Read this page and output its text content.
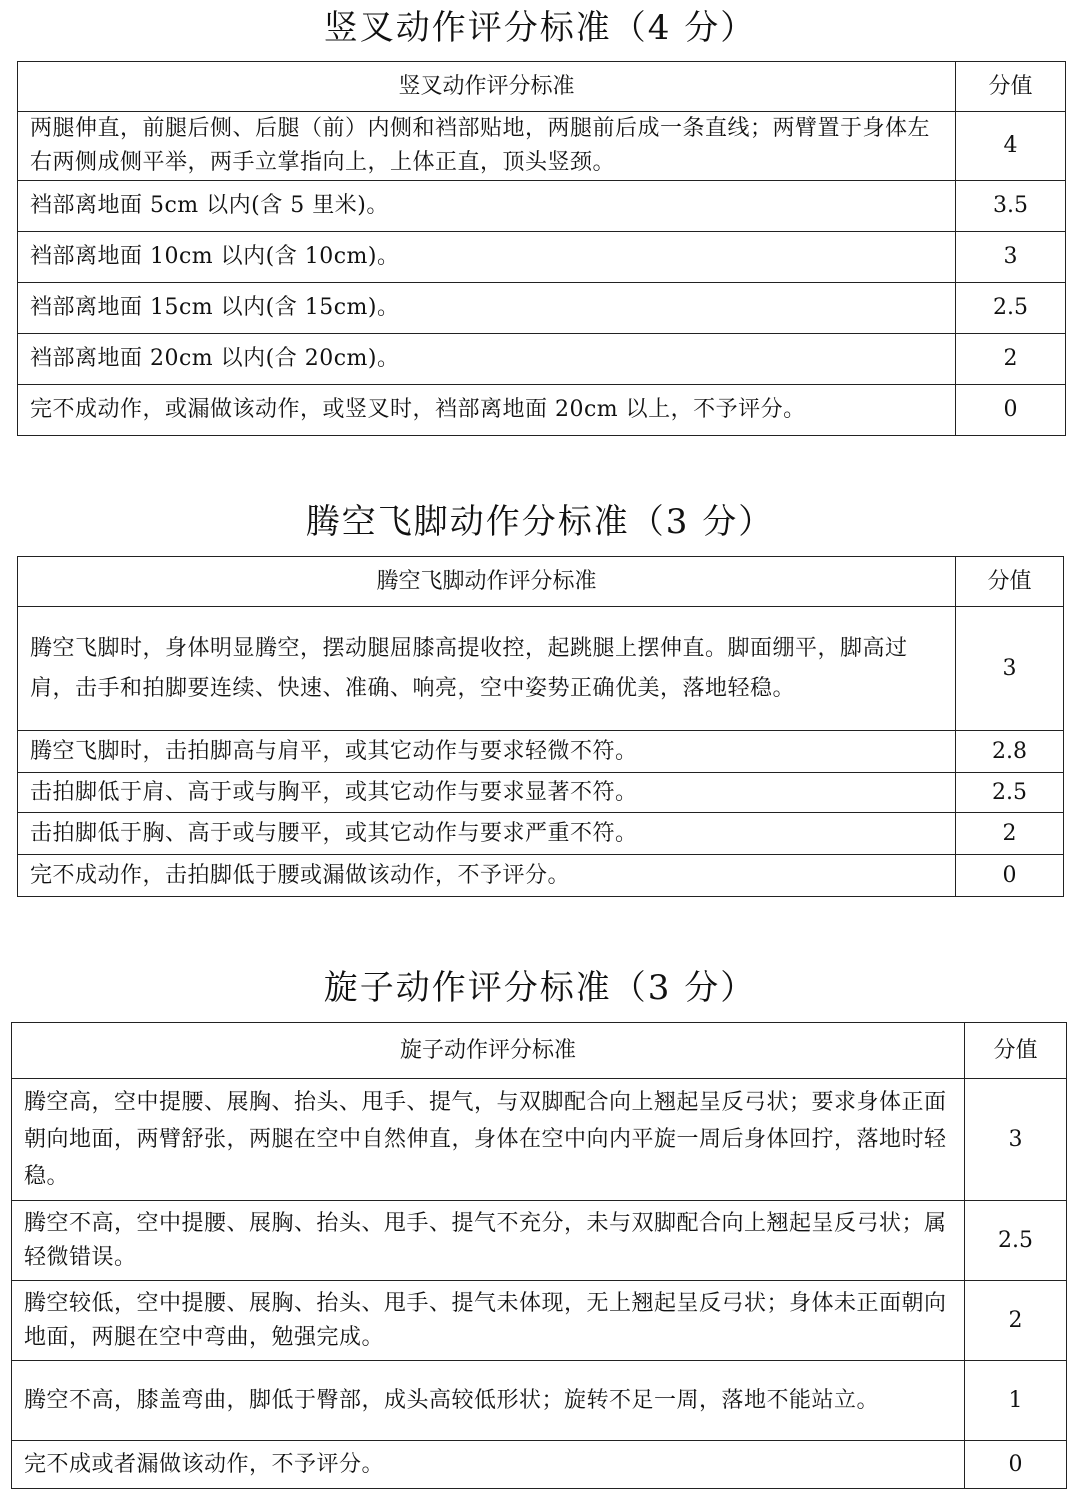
竖叉动作评分标准（4 分）
竖叉动作评分标准	分值
两腿伸直，前腿后侧、后腿（前）内侧和裆部贴地，两腿前后成一条直线；两臂置于身体左右两侧成侧平举，两手立掌指向上，上体正直，顶头竖颈。	4
裆部离地面 5cm 以内(含 5 里米)。	3.5
裆部离地面 10cm 以内(含 10cm)。	3
裆部离地面 15cm 以内(含 15cm)。	2.5
裆部离地面 20cm 以内(合 20cm)。	2
完不成动作，或漏做该动作，或竖叉时，裆部离地面 20cm 以上，不予评分。	0
腾空飞脚动作分标准（3 分）
腾空飞脚动作评分标准	分值
腾空飞脚时，身体明显腾空，摆动腿屈膝高提收控，起跳腿上摆伸直。脚面绷平，脚高过肩，击手和拍脚要连续、快速、准确、响亮，空中姿势正确优美，落地轻稳。	3
腾空飞脚时，击拍脚高与肩平，或其它动作与要求轻微不符。	2.8
击拍脚低于肩、高于或与胸平，或其它动作与要求显著不符。	2.5
击拍脚低于胸、高于或与腰平，或其它动作与要求严重不符。	2
完不成动作，击拍脚低于腰或漏做该动作，不予评分。	0
旋子动作评分标准（3 分）
旋子动作评分标准	分值
腾空高，空中提腰、展胸、抬头、甩手、提气，与双脚配合向上翘起呈反弓状；要求身体正面朝向地面，两臂舒张，两腿在空中自然伸直，身体在空中向内平旋一周后身体回拧，落地时轻稳。	3
腾空不高，空中提腰、展胸、抬头、甩手、提气不充分，未与双脚配合向上翘起呈反弓状；属轻微错误。	2.5
腾空较低，空中提腰、展胸、抬头、甩手、提气未体现，无上翘起呈反弓状；身体未正面朝向地面，两腿在空中弯曲，勉强完成。	2
腾空不高，膝盖弯曲，脚低于臀部，成头高较低形状；旋转不足一周，落地不能站立。	1
完不成或者漏做该动作，不予评分。	0
